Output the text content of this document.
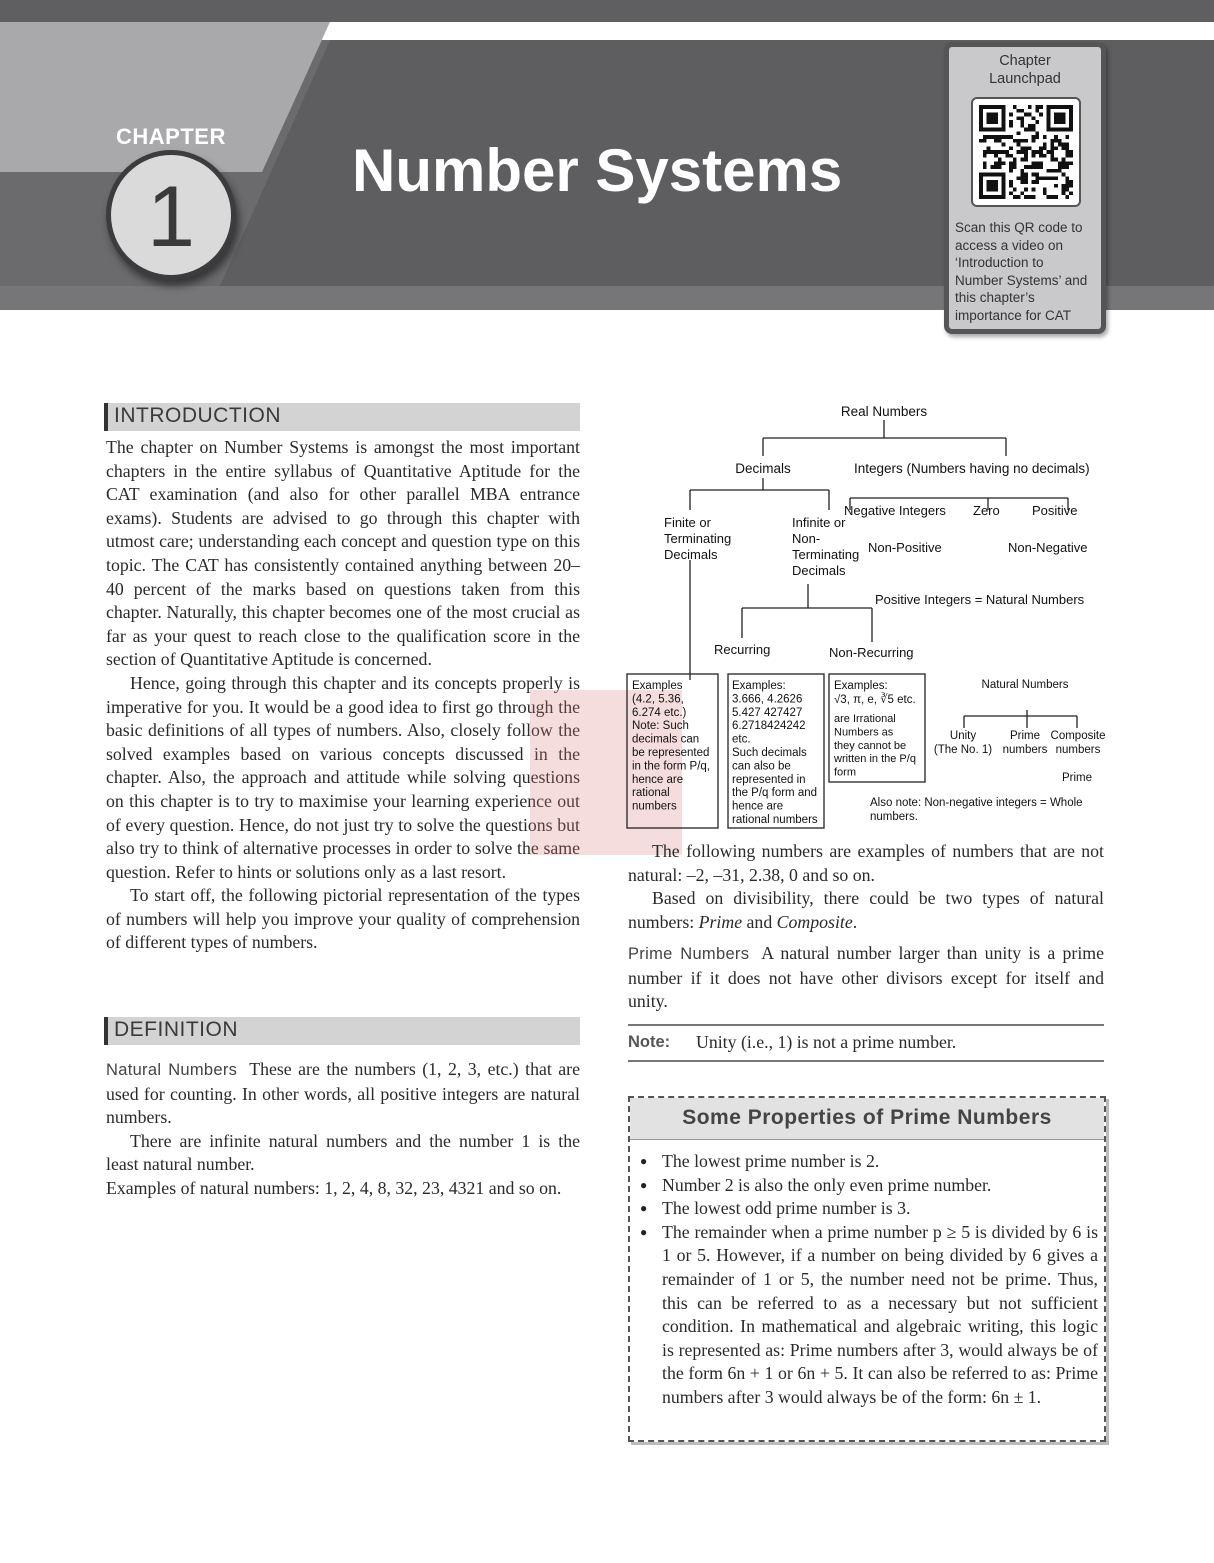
CHAPTER
1	Number Systems
Chapter
Launchpad
Scan this QR code to access a video on ‘Introduction to Number Systems’ and this chapter’s importance for CAT
INTRODUCTION

The chapter on Number Systems is amongst the most important chapters in the entire syllabus of Quantitative Aptitude for the CAT examination (and also for other parallel MBA entrance exams). Students are advised to go through this chapter with utmost care; understanding each concept and question type on this topic. The CAT has consistently contained anything between 20–40 percent of the marks based on questions taken from this chapter. Naturally, this chapter becomes one of the most crucial as far as your quest to reach close to the qualification score in the section of Quantitative Aptitude is concerned.

Hence, going through this chapter and its concepts properly is imperative for you. It would be a good idea to first go through the basic definitions of all types of numbers. Also, closely follow the solved examples based on various concepts discussed in the chapter. Also, the approach and attitude while solving questions on this chapter is to try to maximise your learning experience out of every question. Hence, do not just try to solve the questions but also try to think of alternative processes in order to solve the same question. Refer to hints or solutions only as a last resort.

To start off, the following pictorial representation of the types of numbers will help you improve your quality of comprehension of different types of numbers.

DEFINITION

Natural Numbers These are the numbers (1, 2, 3, etc.) that are used for counting. In other words, all positive integers are natural numbers.

There are infinite natural numbers and the number 1 is the least natural number.

Examples of natural numbers: 1, 2, 4, 8, 32, 23, 4321 and so on.

Real Numbers
Decimals	Integers (Numbers having no decimals)
Finite or
Terminating
Decimals
Infinite or
Non-
Terminating
Decimals
Negative Integers Zero Positive
Non-Positive	Non-Negative
Positive Integers = Natural Numbers
Recurring	Non-Recurring
Examples
(4.2, 5.36,
6.274 etc.)
Note: Such
decimals can
be represented
in the form P/q,
hence are
rational
numbers
Examples:
3.666, 4.2626
5.427 427427
6.2718424242
etc.
Such decimals
can also be
represented in
the P/q form and
hence are
rational numbers
Examples:
√3, π, e, ∛5 etc.
are Irrational
Numbers as
they cannot be
written in the P/q
form
Natural Numbers
Unity
(The No. 1)
Prime
numbers
Composite
numbers
Prime
Also note: Non-negative integers = Whole
numbers.

The following numbers are examples of numbers that are not natural: –2, –31, 2.38, 0 and so on.

Based on divisibility, there could be two types of natural numbers: Prime and Composite.

Prime Numbers A natural number larger than unity is a prime number if it does not have other divisors except for itself and unity.

Note: Unity (i.e., 1) is not a prime number.
Some Properties of Prime Numbers
● The lowest prime number is 2.
● Number 2 is also the only even prime number.
● The lowest odd prime number is 3.
● The remainder when a prime number p ≥ 5 is divided by 6 is 1 or 5. However, if a number on being divided by 6 gives a remainder of 1 or 5, the number need not be prime. Thus, this can be referred to as a necessary but not sufficient condition. In mathematical and algebraic writing, this logic is represented as: Prime numbers after 3, would always be of the form 6n + 1 or 6n + 5. It can also be referred to as: Prime numbers after 3 would always be of the form: 6n ± 1.
